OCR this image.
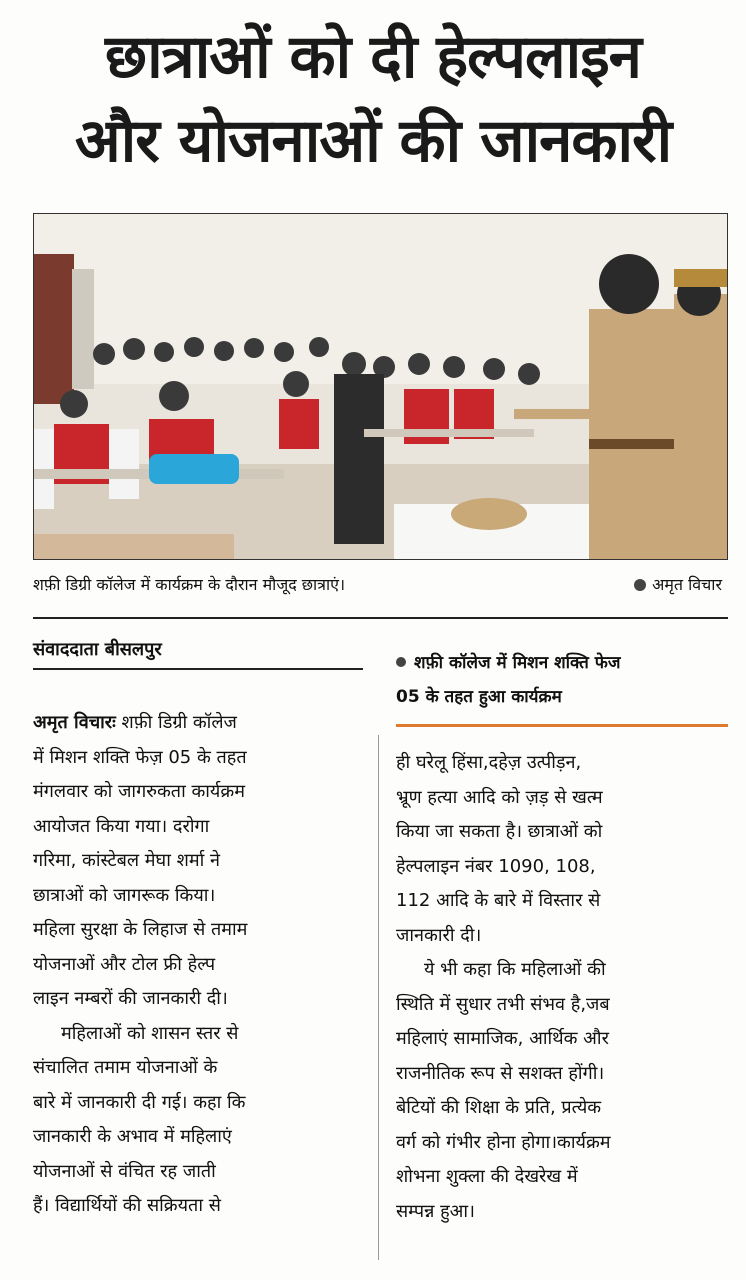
छात्राओं को दी हेल्पलाइन
और योजनाओं की जानकारी
शफ़ी डिग्री कॉलेज में कार्यक्रम के दौरान मौजूद छात्राएं।	अमृत विचार
संवाददाता बीसलपुर
शफ़ी कॉलेज में मिशन शक्ति फेज
05 के तहत हुआ कार्यक्रम
अमृत विचारः शफ़ी डिग्री कॉलेज
में मिशन शक्ति फेज़ 05 के तहत
मंगलवार को जागरुकता कार्यक्रम
आयोजत किया गया। दरोगा
गरिमा, कांस्टेबल मेघा शर्मा ने
छात्राओं को जागरूक किया।
महिला सुरक्षा के लिहाज से तमाम
योजनाओं और टोल फ्री हेल्प
लाइन नम्बरों की जानकारी दी।
महिलाओं को शासन स्तर से
संचालित तमाम योजनाओं के
बारे में जानकारी दी गई। कहा कि
जानकारी के अभाव में महिलाएं
योजनाओं से वंचित रह जाती
हैं। विद्यार्थियों की सक्रियता से
ही घरेलू हिंसा,दहेज़ उत्पीड़न,
भ्रूण हत्या आदि को ज़ड़ से खत्म
किया जा सकता है। छात्राओं को
हेल्पलाइन नंबर 1090, 108,
112 आदि के बारे में विस्तार से
जानकारी दी।
ये भी कहा कि महिलाओं की
स्थिति में सुधार तभी संभव है,जब
महिलाएं सामाजिक, आर्थिक और
राजनीतिक रूप से सशक्त होंगी।
बेटियों की शिक्षा के प्रति, प्रत्येक
वर्ग को गंभीर होना होगा।कार्यक्रम
शोभना शुक्ला की देखरेख में
सम्पन्न हुआ।
